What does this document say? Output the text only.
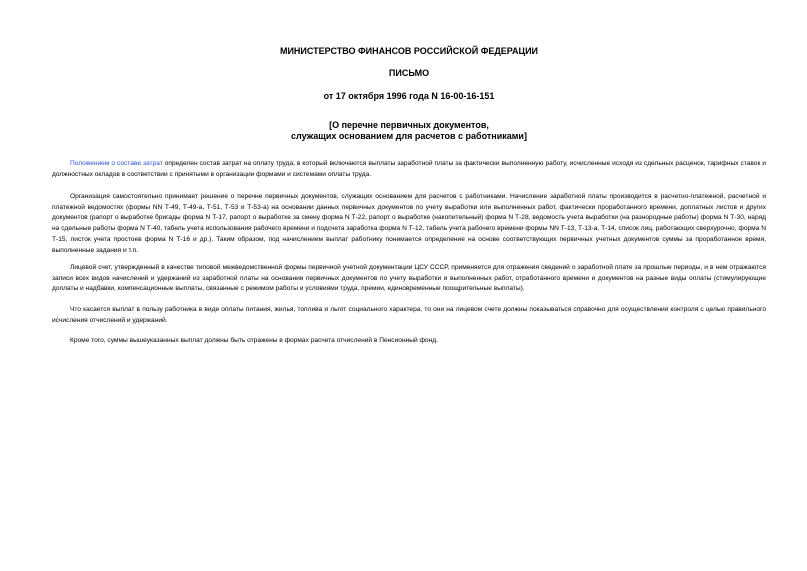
МИНИСТЕРСТВО ФИНАНСОВ РОССИЙСКОЙ ФЕДЕРАЦИИ
ПИСЬМО
от 17 октября 1996 года N 16-00-16-151
[О перечне первичных документов,
служащих основанием для расчетов с работниками]

Положением о составе затрат определен состав затрат на оплату труда, в который включаются выплаты заработной платы за фактически выполненную работу, исчисленные исходя из сдельных расценок, тарифных ставок и должностных окладов в соответствии с принятыми в организации формами и системами оплаты труда.

Организация самостоятельно принимает решение о перечне первичных документов, служащих основанием для расчетов с работниками. Начисление заработной платы производится в расчетно-платежной, расчетной и платежной ведомостях (формы NN Т-49, Т-49-а, Т-51, Т-53 и Т-53-а) на основании данных первичных документов по учету выработки или выполненных работ, фактически проработанного времени, доплатных листов и других документов (рапорт о выработке бригады форма N Т-17, рапорт о выработке за смену форма N Т-22, рапорт о выработке (накопительный) форма N Т-28, ведомость учета выработки (на разнородные работы) форма N Т-30, наряд на сдельные работы форма N Т-40, табель учета использования рабочего времени и подсчета заработка форма N Т-12, табель учета рабочего времени формы NN Т-13, Т-13-а, Т-14, список лиц, работающих сверхурочно, форма N Т-15, листок учета простоев форма N Т-16 и др.). Таким образом, под начислением выплат работнику понимается определение на основе соответствующих первичных учетных документов суммы за проработанное время, выполненные задания и т.п.

Лицевой счет, утвержденный в качестве типовой межведомственной формы первичной учетной документации ЦСУ СССР, применяется для отражения сведений о заработной плате за прошлые периоды, и в нем отражаются записи всех видов начислений и удержаний из заработной платы на основании первичных документов по учету выработки и выполненных работ, отработанного времени и документов на разные виды оплаты (стимулирующие доплаты и надбавки, компенсационные выплаты, связанные с режимом работы и условиями труда, премии, единовременные поощрительные выплаты).

Что касается выплат в пользу работника в виде оплаты питания, жилья, топлива и льгот социального характера, то они на лицевом счете должны показываться справочно для осуществления контроля с целью правильного исчисления отчислений и удержаний.

Кроме того, суммы вышеуказанных выплат должны быть отражены в формах расчета отчислений в Пенсионный фонд.
